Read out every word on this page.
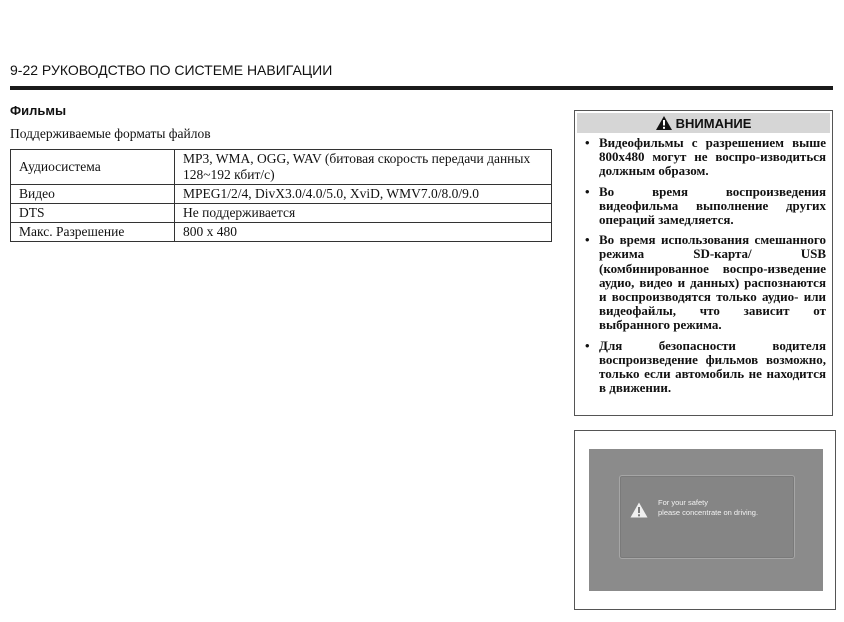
9-22 РУКОВОДСТВО ПО СИСТЕМЕ НАВИГАЦИИ
Фильмы
Поддерживаемые форматы файлов
Аудиосистема	MP3, WMA, OGG, WAV (битовая скорость передачи данных 128~192 кбит/с)
Видео	MPEG1/2/4, DivX3.0/4.0/5.0, XviD, WMV7.0/8.0/9.0
DTS	Не поддерживается
Макс. Разрешение	800 x 480
ВНИМАНИЕ
• Видеофильмы с разрешением выше 800x480 могут не воспро-изводиться должным образом.
• Во время воспроизведения видеофильма выполнение других операций замедляется.
• Во время использования смешанного режима SD-карта/ USB (комбинированное воспро-изведение аудио, видео и данных) распознаются и воспроизводятся только аудио- или видеофайлы, что зависит от выбранного режима.
• Для безопасности водителя воспроизведение фильмов возможно, только если автомобиль не находится в движении.
For your safety
please concentrate on driving.
